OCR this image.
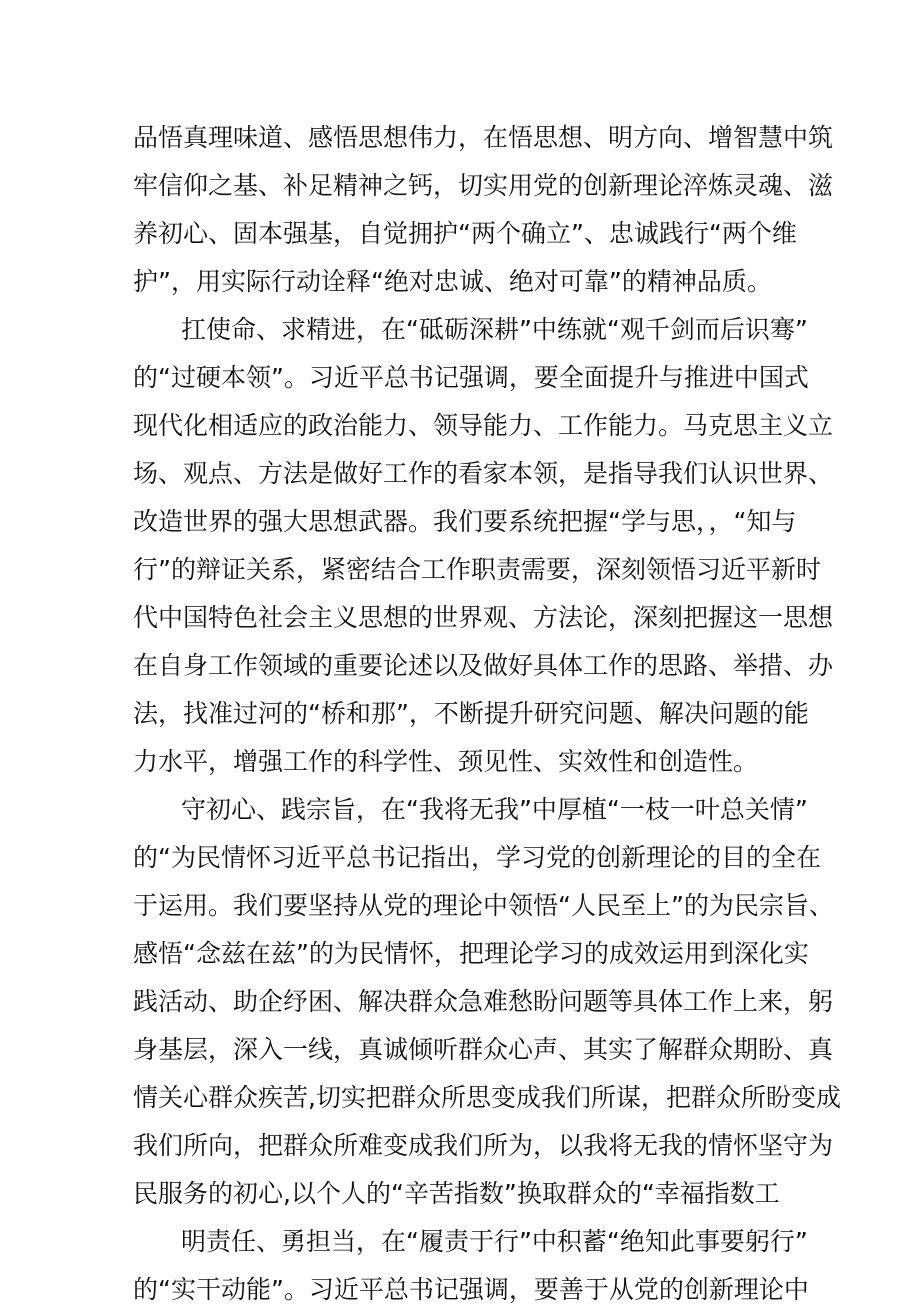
品悟真理味道、感悟思想伟力，在悟思想、明方向、增智慧中筑
牢信仰之基、补足精神之钙，切实用党的创新理论淬炼灵魂、滋
养初心、固本强基，自觉拥护“两个确立”、忠诚践行“两个维
护”，用实际行动诠释“绝对忠诚、绝对可靠”的精神品质。
扛使命、求精进，在“砥砺深耕”中练就“观千剑而后识骞”
的“过硬本领”。习近平总书记强调，要全面提升与推进中国式
现代化相适应的政治能力、领导能力、工作能力。马克思主义立
场、观点、方法是做好工作的看家本领，是指导我们认识世界、
改造世界的强大思想武器。我们要系统把握“学与思，，“知与
行”的辩证关系，紧密结合工作职责需要，深刻领悟习近平新时
代中国特色社会主义思想的世界观、方法论，深刻把握这一思想
在自身工作领域的重要论述以及做好具体工作的思路、举措、办
法，找准过河的“桥和那”，不断提升研究问题、解决问题的能
力水平，增强工作的科学性、颈见性、实效性和创造性。
守初心、践宗旨，在“我将无我”中厚植“一枝一叶总关情”
的“为民情怀习近平总书记指出，学习党的创新理论的目的全在
于运用。我们要坚持从党的理论中领悟“人民至上”的为民宗旨、
感悟“念兹在兹”的为民情怀，把理论学习的成效运用到深化实
践活动、助企纾困、解决群众急难愁盼问题等具体工作上来，躬
身基层，深入一线，真诚倾听群众心声、其实了解群众期盼、真
情关心群众疾苦,切实把群众所思变成我们所谋，把群众所盼变成
我们所向，把群众所难变成我们所为，以我将无我的情怀坚守为
民服务的初心,以个人的“辛苦指数”换取群众的“幸福指数工
明责任、勇担当，在“履责于行”中积蓄“绝知此事要躬行”
的“实干动能”。习近平总书记强调，要善于从党的创新理论中
